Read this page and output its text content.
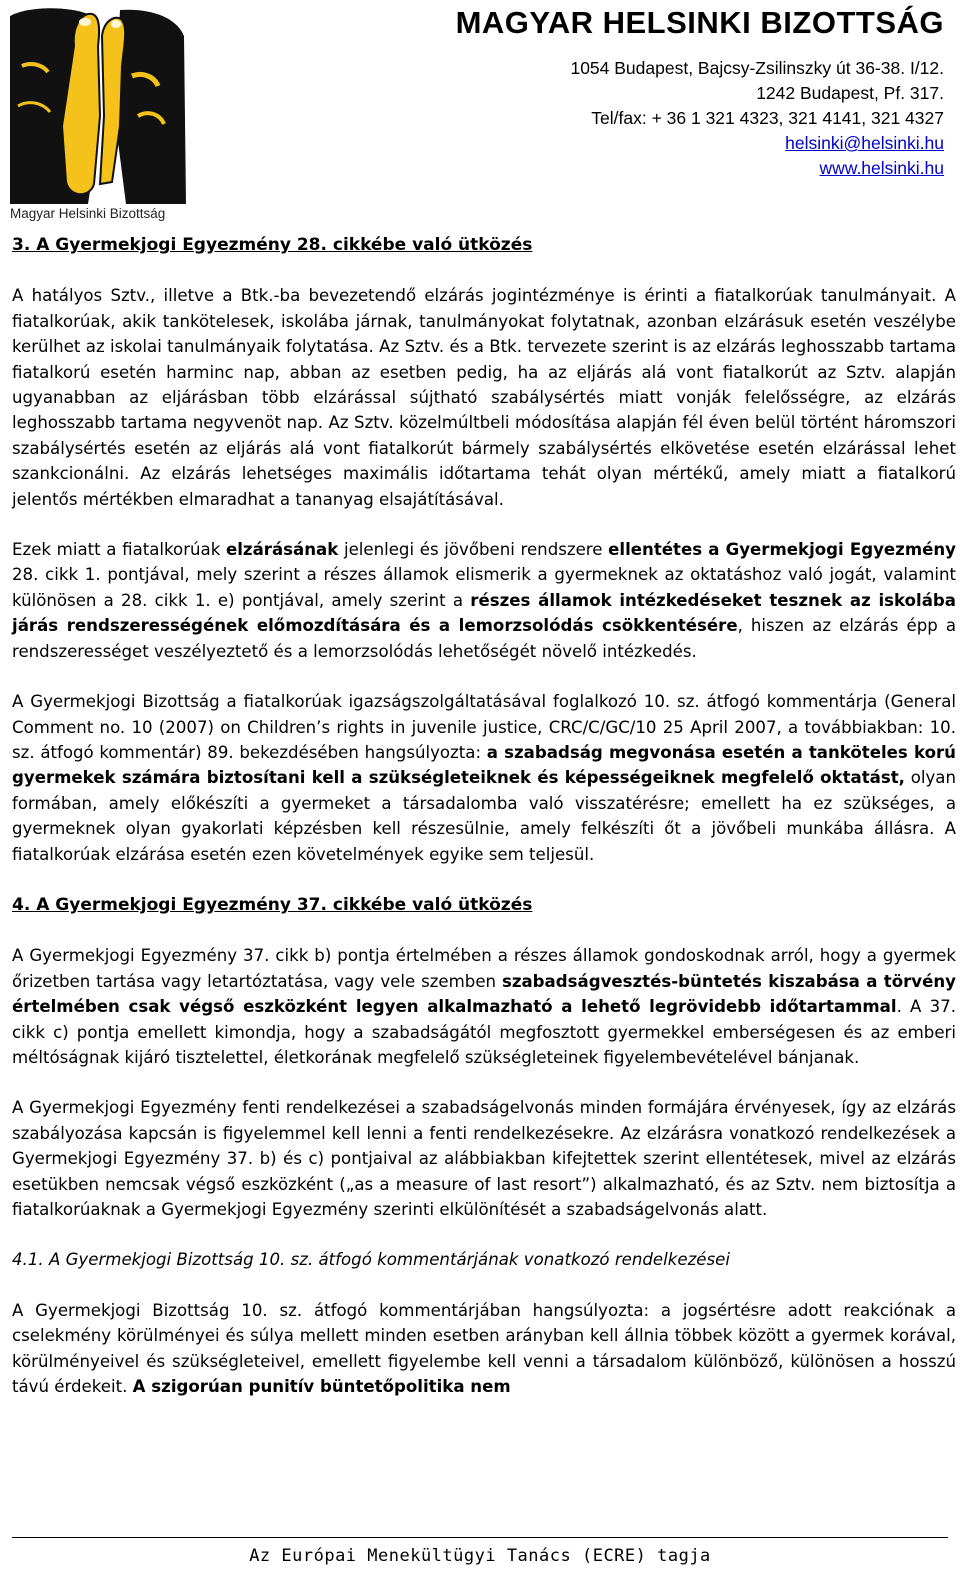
Magyar Helsinki Bizottság
MAGYAR HELSINKI BIZOTTSÁG
1054 Budapest, Bajcsy-Zsilinszky út 36-38. I/12.
1242 Budapest, Pf. 317.
Tel/fax: + 36 1 321 4323, 321 4141, 321 4327
helsinki@helsinki.hu
www.helsinki.hu

3. A Gyermekjogi Egyezmény 28. cikkébe való ütközés

A hatályos Sztv., illetve a Btk.-ba bevezetendő elzárás jogintézménye is érinti a fiatalkorúak tanulmányait. A fiatalkorúak, akik tankötelesek, iskolába járnak, tanulmányokat folytatnak, azonban elzárásuk esetén veszélybe kerülhet az iskolai tanulmányaik folytatása. Az Sztv. és a Btk. tervezete szerint is az elzárás leghosszabb tartama fiatalkorú esetén harminc nap, abban az esetben pedig, ha az eljárás alá vont fiatalkorút az Sztv. alapján ugyanabban az eljárásban több elzárással sújtható szabálysértés miatt vonják felelősségre, az elzárás leghosszabb tartama negyvenöt nap. Az Sztv. közelmúltbeli módosítása alapján fél éven belül történt háromszori szabálysértés esetén az eljárás alá vont fiatalkorút bármely szabálysértés elkövetése esetén elzárással lehet szankcionálni. Az elzárás lehetséges maximális időtartama tehát olyan mértékű, amely miatt a fiatalkorú jelentős mértékben elmaradhat a tananyag elsajátításával.

Ezek miatt a fiatalkorúak elzárásának jelenlegi és jövőbeni rendszere ellentétes a Gyermekjogi Egyezmény 28. cikk 1. pontjával, mely szerint a részes államok elismerik a gyermeknek az oktatáshoz való jogát, valamint különösen a 28. cikk 1. e) pontjával, amely szerint a részes államok intézkedéseket tesznek az iskolába járás rendszerességének előmozdítására és a lemorzsolódás csökkentésére, hiszen az elzárás épp a rendszerességet veszélyeztető és a lemorzsolódás lehetőségét növelő intézkedés.

A Gyermekjogi Bizottság a fiatalkorúak igazságszolgáltatásával foglalkozó 10. sz. átfogó kommentárja (General Comment no. 10 (2007) on Children’s rights in juvenile justice, CRC/C/GC/10 25 April 2007, a továbbiakban: 10. sz. átfogó kommentár) 89. bekezdésében hangsúlyozta: a szabadság megvonása esetén a tanköteles korú gyermekek számára biztosítani kell a szükségleteiknek és képességeiknek megfelelő oktatást, olyan formában, amely előkészíti a gyermeket a társadalomba való visszatérésre; emellett ha ez szükséges, a gyermeknek olyan gyakorlati képzésben kell részesülnie, amely felkészíti őt a jövőbeli munkába állásra. A fiatalkorúak elzárása esetén ezen követelmények egyike sem teljesül.

4. A Gyermekjogi Egyezmény 37. cikkébe való ütközés

A Gyermekjogi Egyezmény 37. cikk b) pontja értelmében a részes államok gondoskodnak arról, hogy a gyermek őrizetben tartása vagy letartóztatása, vagy vele szemben szabadságvesztés-büntetés kiszabása a törvény értelmében csak végső eszközként legyen alkalmazható a lehető legrövidebb időtartammal. A 37. cikk c) pontja emellett kimondja, hogy a szabadságától megfosztott gyermekkel emberségesen és az emberi méltóságnak kijáró tisztelettel, életkorának megfelelő szükségleteinek figyelembevételével bánjanak.

A Gyermekjogi Egyezmény fenti rendelkezései a szabadságelvonás minden formájára érvényesek, így az elzárás szabályozása kapcsán is figyelemmel kell lenni a fenti rendelkezésekre. Az elzárásra vonatkozó rendelkezések a Gyermekjogi Egyezmény 37. b) és c) pontjaival az alábbiakban kifejtettek szerint ellentétesek, mivel az elzárás esetükben nemcsak végső eszközként („as a measure of last resort”) alkalmazható, és az Sztv. nem biztosítja a fiatalkorúaknak a Gyermekjogi Egyezmény szerinti elkülönítését a szabadságelvonás alatt.

4.1. A Gyermekjogi Bizottság 10. sz. átfogó kommentárjának vonatkozó rendelkezései

A Gyermekjogi Bizottság 10. sz. átfogó kommentárjában hangsúlyozta: a jogsértésre adott reakciónak a cselekmény körülményei és súlya mellett minden esetben arányban kell állnia többek között a gyermek korával, körülményeivel és szükségleteivel, emellett figyelembe kell venni a társadalom különböző, különösen a hosszú távú érdekeit. A szigorúan punitív büntetőpolitika nem

Az Európai Menekültügyi Tanács (ECRE) tagja
